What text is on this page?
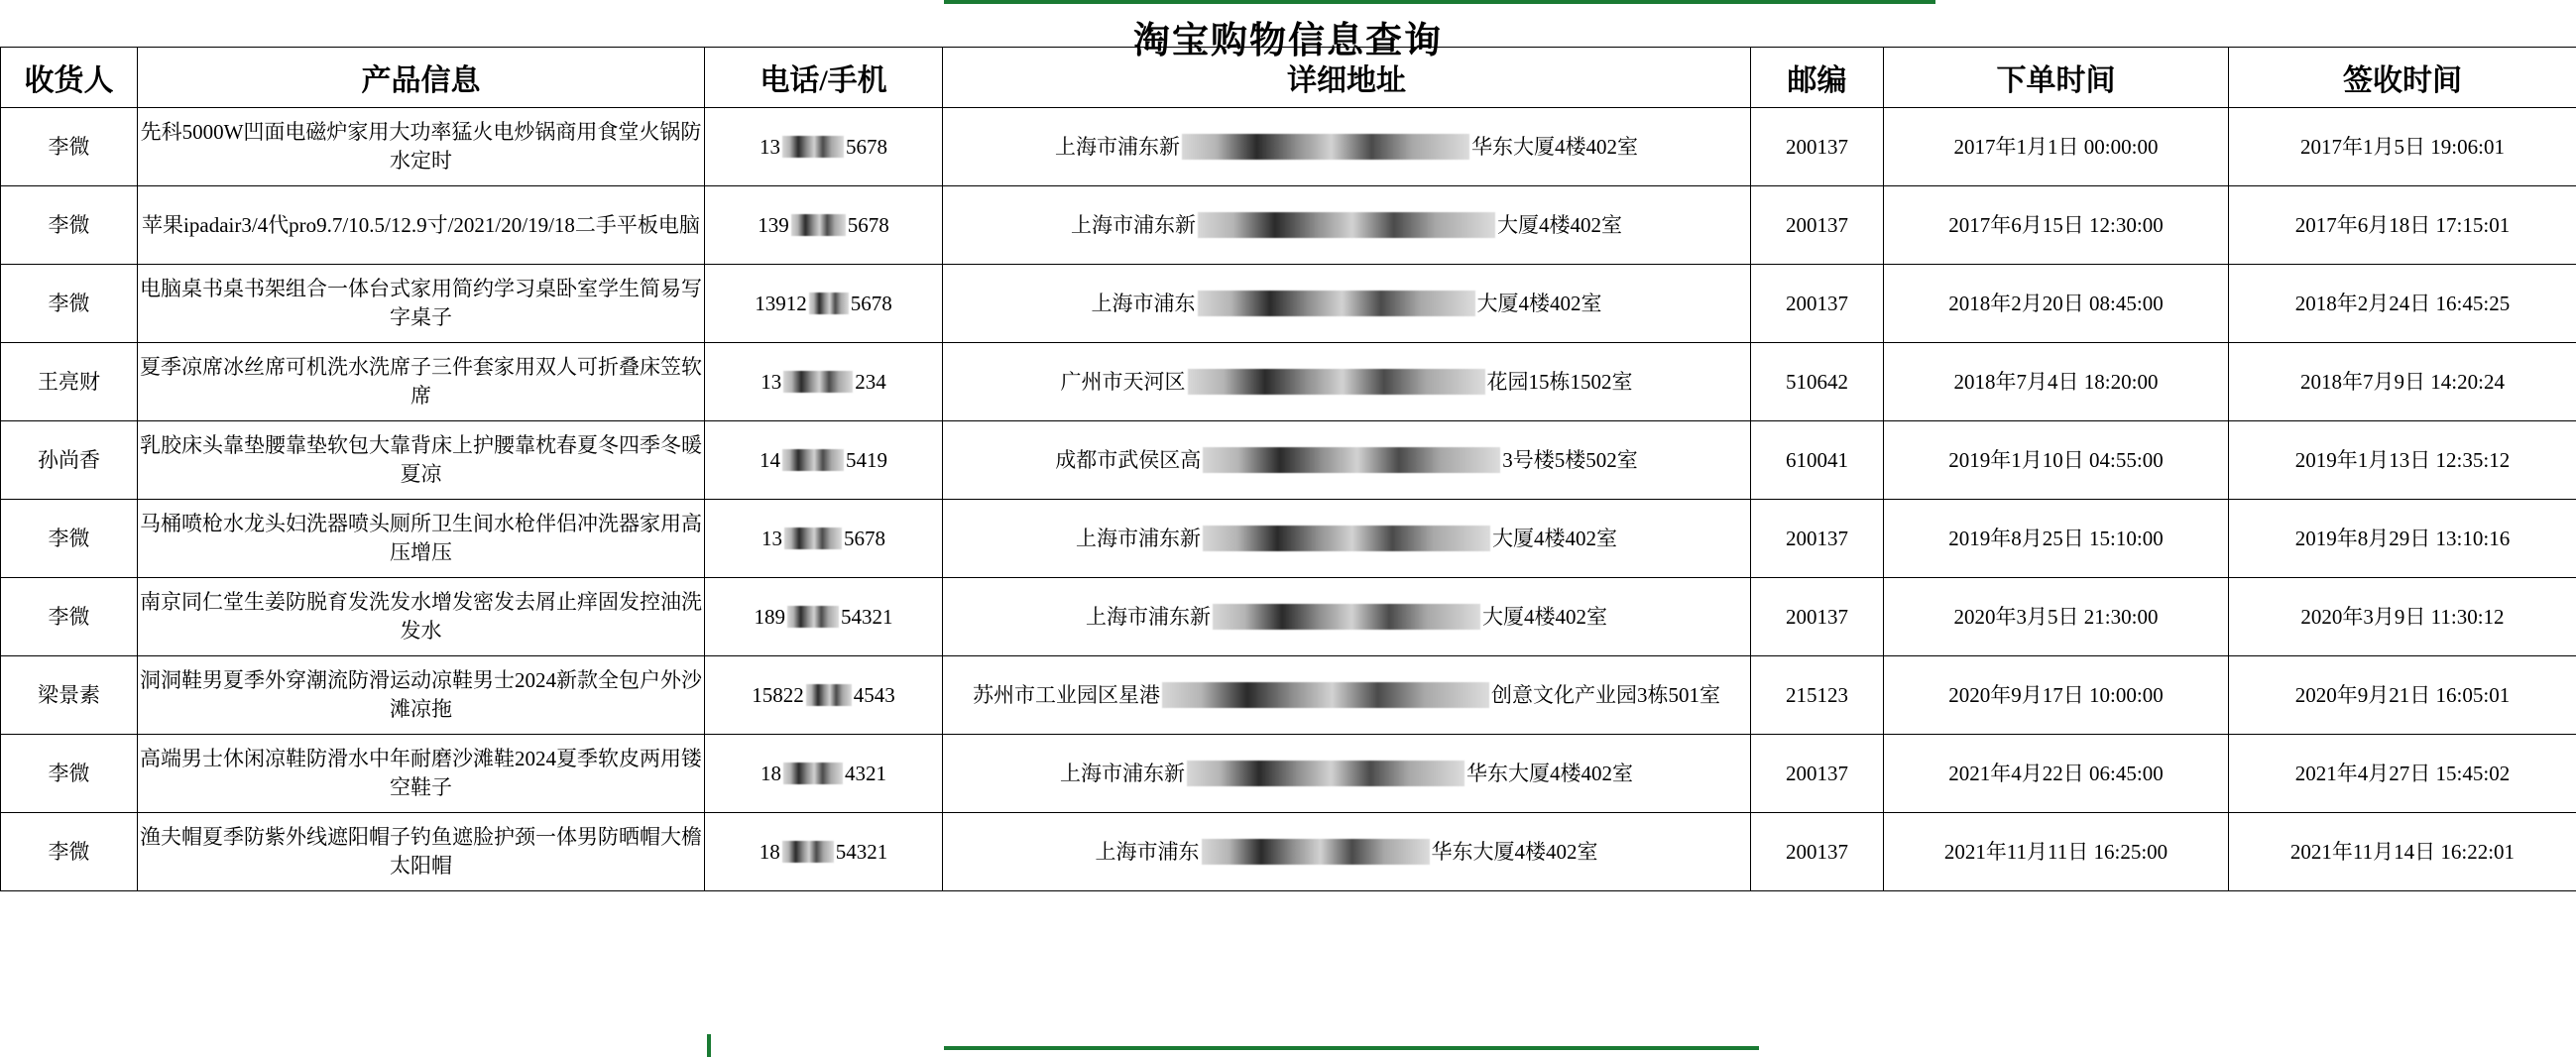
淘宝购物信息查询
收货人	产品信息	电话/手机	详细地址	邮编	下单时间	签收时间
李微	先科5000W凹面电磁炉家用大功率猛火电炒锅商用食堂火锅防水定时	13 5678	上海市浦东新 华东大厦4楼402室	200137	2017年1月1日 00:00:00	2017年1月5日 19:06:01
李微	苹果ipadair3/4代pro9.7/10.5/12.9寸/2021/20/19/18二手平板电脑	139 5678	上海市浦东新 大厦4楼402室	200137	2017年6月15日 12:30:00	2017年6月18日 17:15:01
李微	电脑桌书桌书架组合一体台式家用简约学习桌卧室学生简易写字桌子	13912 5678	上海市浦东 大厦4楼402室	200137	2018年2月20日 08:45:00	2018年2月24日 16:45:25
王亮财	夏季凉席冰丝席可机洗水洗席子三件套家用双人可折叠床笠软席	13 234	广州市天河区 花园15栋1502室	510642	2018年7月4日 18:20:00	2018年7月9日 14:20:24
孙尚香	乳胶床头靠垫腰靠垫软包大靠背床上护腰靠枕春夏冬四季冬暖夏凉	14 5419	成都市武侯区高 3号楼5楼502室	610041	2019年1月10日 04:55:00	2019年1月13日 12:35:12
李微	马桶喷枪水龙头妇洗器喷头厕所卫生间水枪伴侣冲洗器家用高压增压	13 5678	上海市浦东新 大厦4楼402室	200137	2019年8月25日 15:10:00	2019年8月29日 13:10:16
李微	南京同仁堂生姜防脱育发洗发水增发密发去屑止痒固发控油洗发水	189 54321	上海市浦东新 大厦4楼402室	200137	2020年3月5日 21:30:00	2020年3月9日 11:30:12
梁景素	洞洞鞋男夏季外穿潮流防滑运动凉鞋男士2024新款全包户外沙滩凉拖	15822 4543	苏州市工业园区星港 创意文化产业园3栋501室	215123	2020年9月17日 10:00:00	2020年9月21日 16:05:01
李微	高端男士休闲凉鞋防滑水中年耐磨沙滩鞋2024夏季软皮两用镂空鞋子	18 4321	上海市浦东新 华东大厦4楼402室	200137	2021年4月22日 06:45:00	2021年4月27日 15:45:02
李微	渔夫帽夏季防紫外线遮阳帽子钓鱼遮脸护颈一体男防晒帽大檐太阳帽	18 54321	上海市浦东 华东大厦4楼402室	200137	2021年11月11日 16:25:00	2021年11月14日 16:22:01
